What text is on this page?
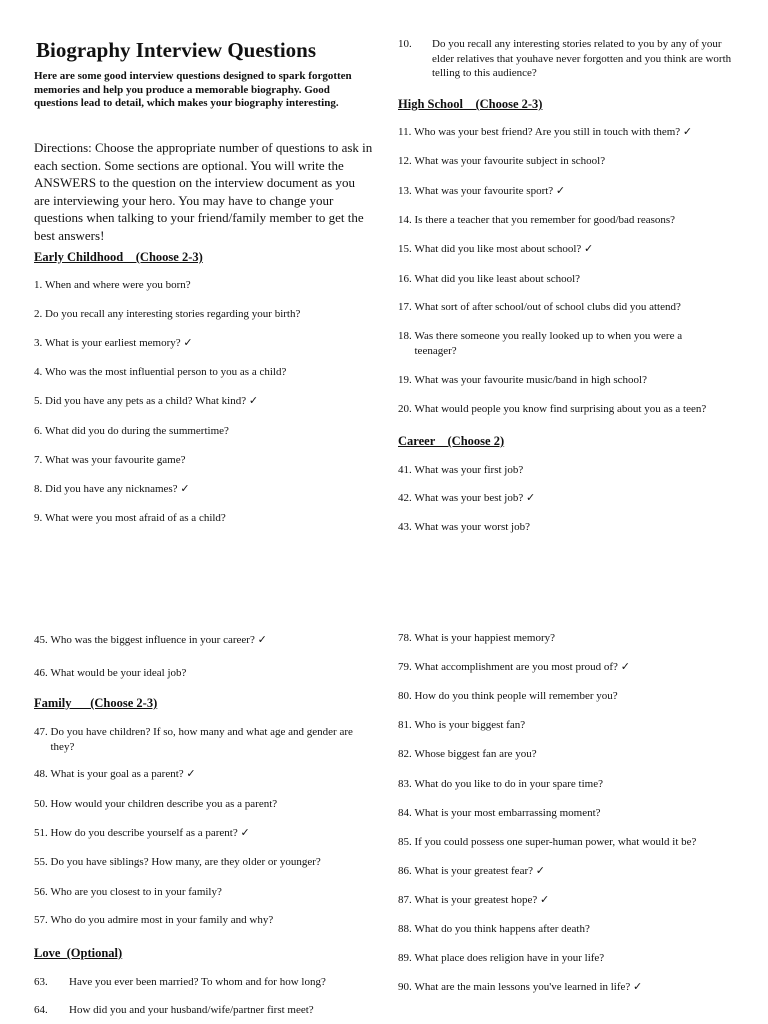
Biography Interview Questions

Here are some good interview questions designed to spark forgotten memories and help you produce a memorable biography. Good questions lead to detail, which makes your biography interesting.

Directions: Choose the appropriate number of questions to ask in each section. Some sections are optional. You will write the ANSWERS to the question on the interview document as you are interviewing your hero. You may have to change your questions when talking to your friend/family member to get the best answers!

Early Childhood    (Choose 2-3)
1.
When and where were you born?
2.
Do you recall any interesting stories regarding your birth?
3.
What is your earliest memory? ✓
4.
Who was the most influential person to you as a child?
5.
Did you have any pets as a child? What kind? ✓
6.
What did you do during the summertime?
7.
What was your favourite game?
8.
Did you have any nicknames? ✓
9.
What were you most afraid of as a child?
10.	Do you recall any interesting stories related to you by any of your elder relatives that youhave never forgotten and you think are worth telling to this audience?
High School    (Choose 2-3)
11.
Who was your best friend? Are you still in touch with them? ✓
12.
What was your favourite subject in school?
13.
What was your favourite sport? ✓
14.
Is there a teacher that you remember for good/bad reasons?
15.
What did you like most about school? ✓
16.
What did you like least about school?
17.
What sort of after school/out of school clubs did you attend?
18.
Was there someone you really looked up to when you were a teenager?
19.
What was your favourite music/band in high school?
20.
What would people you know find surprising about you as a teen?
Career    (Choose 2)
41.
What was your first job?
42.
What was your best job? ✓
43.
What was your worst job?
45.
Who was the biggest influence in your career? ✓
46.
What would be your ideal job?
Family      (Choose 2-3)
47.
Do you have children? If so, how many and what age and gender are they?
48.
What is your goal as a parent? ✓
50.
How would your children describe you as a parent?
51.
How do you describe yourself as a parent? ✓
55.
Do you have siblings? How many, are they older or younger?
56.
Who are you closest to in your family?
57.
Who do you admire most in your family and why?
Love  (Optional)
63.	Have you ever been married? To whom and for how long?
64.	How did you and your husband/wife/partner first meet?
78.
What is your happiest memory?
79.
What accomplishment are you most proud of? ✓
80.
How do you think people will remember you?
81.
Who is your biggest fan?
82.
Whose biggest fan are you?
83.
What do you like to do in your spare time?
84.
What is your most embarrassing moment?
85.
If you could possess one super-human power, what would it be?
86.
What is your greatest fear? ✓
87.
What is your greatest hope? ✓
88.
What do you think happens after death?
89.
What place does religion have in your life?
90.
What are the main lessons you've learned in life? ✓
